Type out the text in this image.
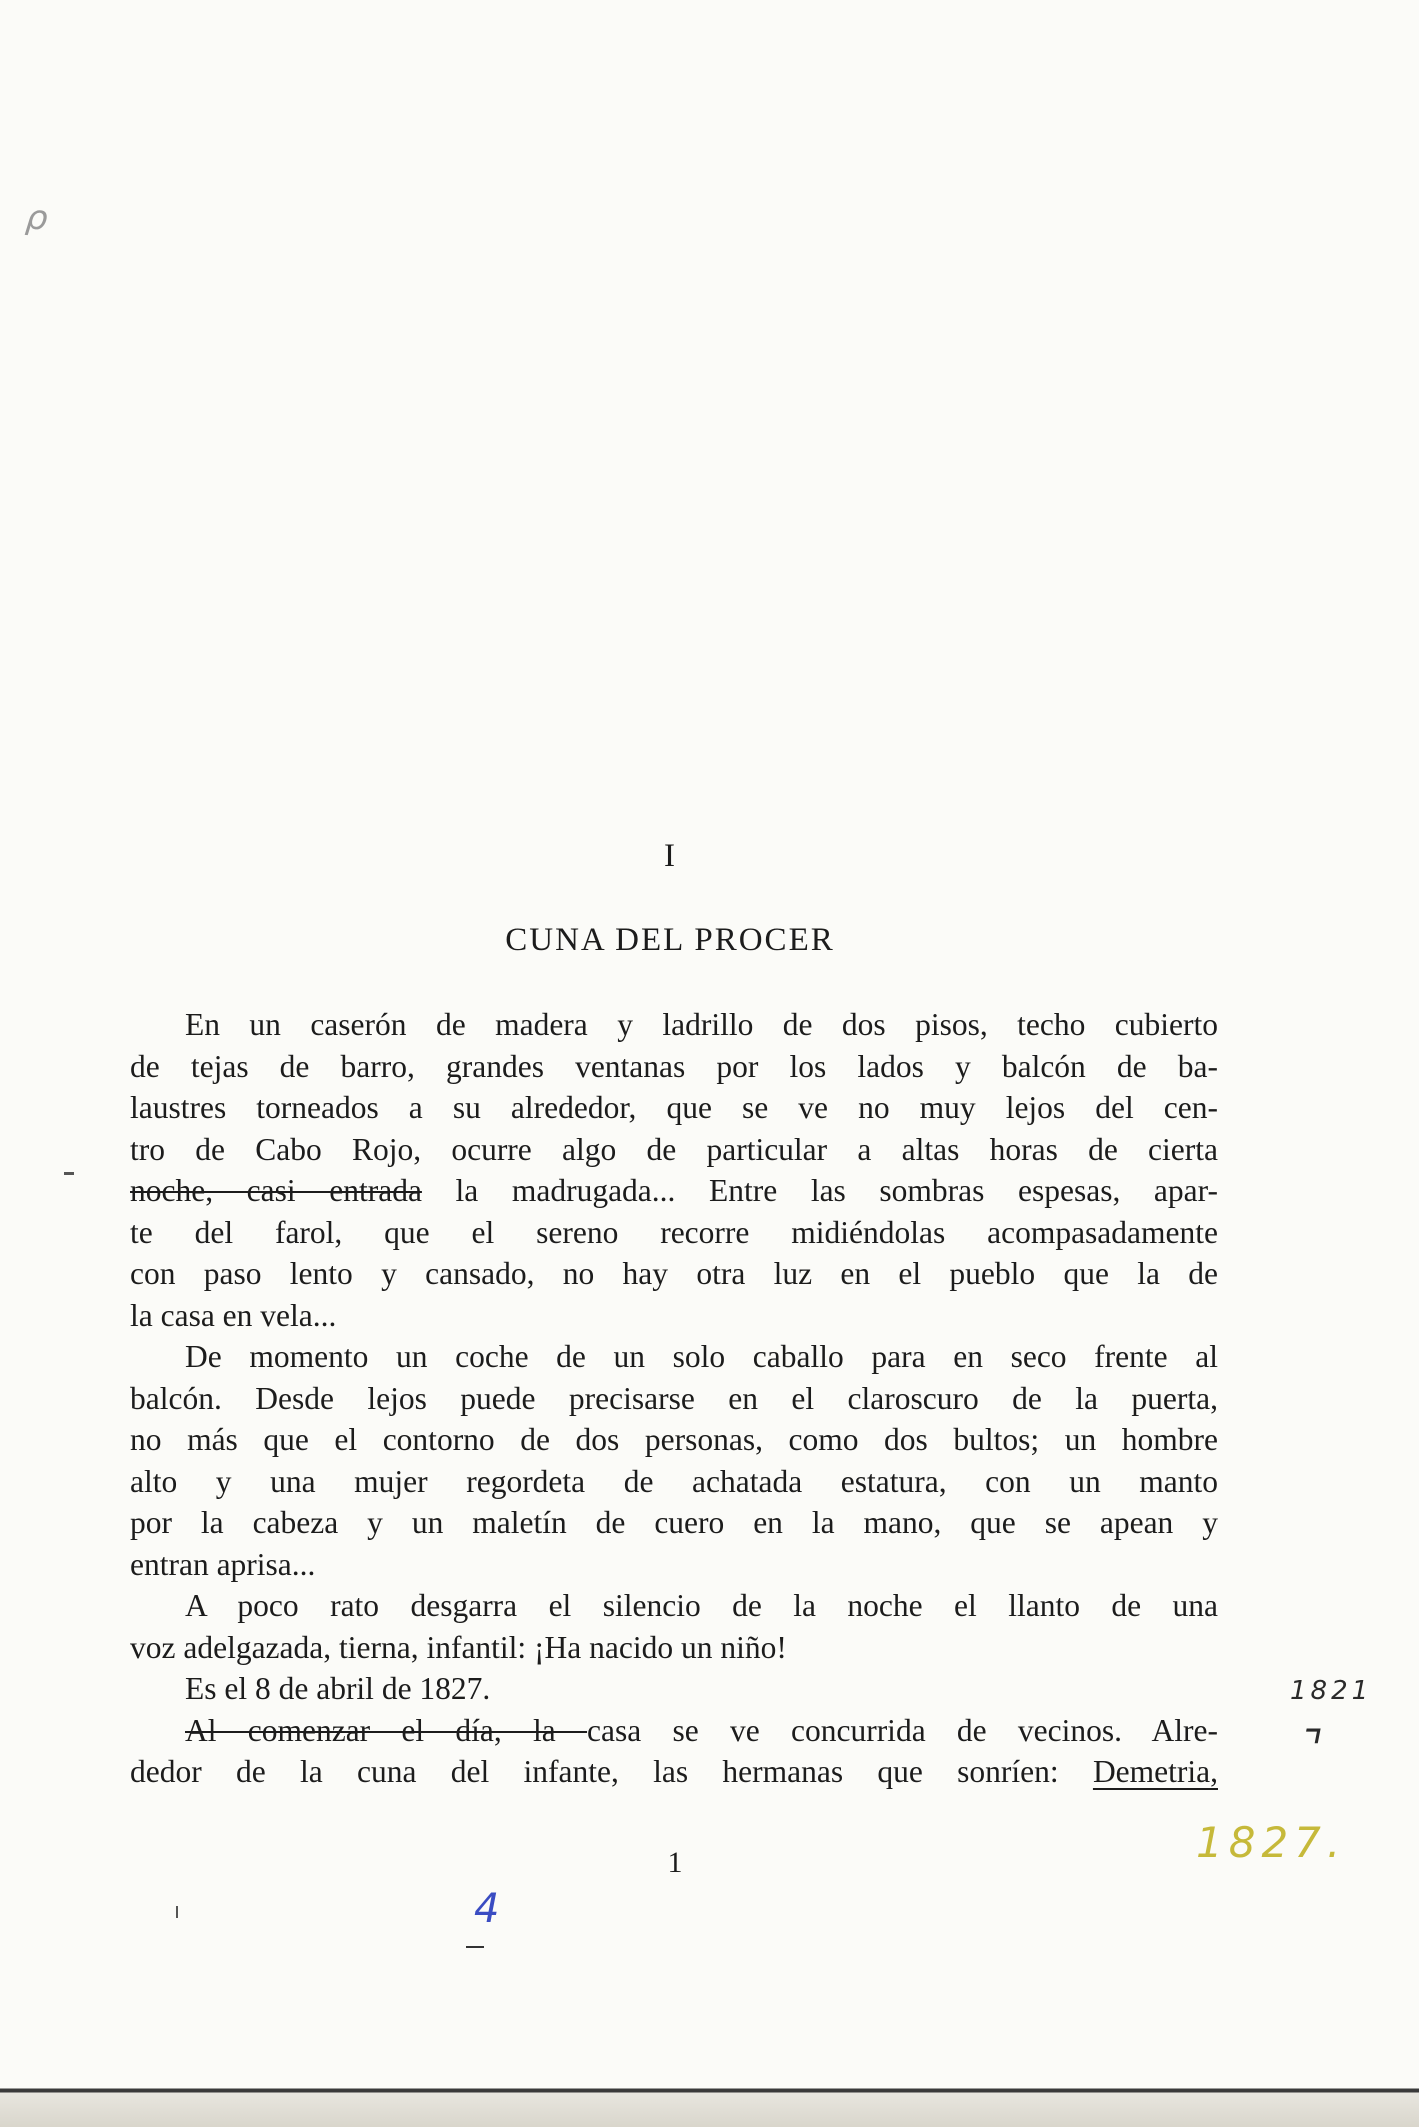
ρ
I
CUNA DEL PROCER
En un caserón de madera y ladrillo de dos pisos, techo cubierto
de tejas de barro, grandes ventanas por los lados y balcón de ba-
laustres torneados a su alrededor, que se ve no muy lejos del cen-
tro de Cabo Rojo, ocurre algo de particular a altas horas de cierta
noche, casi entrada la madrugada... Entre las sombras espesas, apar-
te del farol, que el sereno recorre midiéndolas acompasadamente
con paso lento y cansado, no hay otra luz en el pueblo que la de
la casa en vela...
De momento un coche de un solo caballo para en seco frente al
balcón. Desde lejos puede precisarse en el claroscuro de la puerta,
no más que el contorno de dos personas, como dos bultos; un hombre
alto y una mujer regordeta de achatada estatura, con un manto
por la cabeza y un maletín de cuero en la mano, que se apean y
entran aprisa...
A poco rato desgarra el silencio de la noche el llanto de una
voz adelgazada, tierna, infantil: ¡Ha nacido un niño!
Es el 8 de abril de 1827.
Al comenzar el día, la casa se ve concurrida de vecinos. Alre-
dedor de la cuna del infante, las hermanas que sonríen: Demetria,
1821
⌝
1827.
1
4
